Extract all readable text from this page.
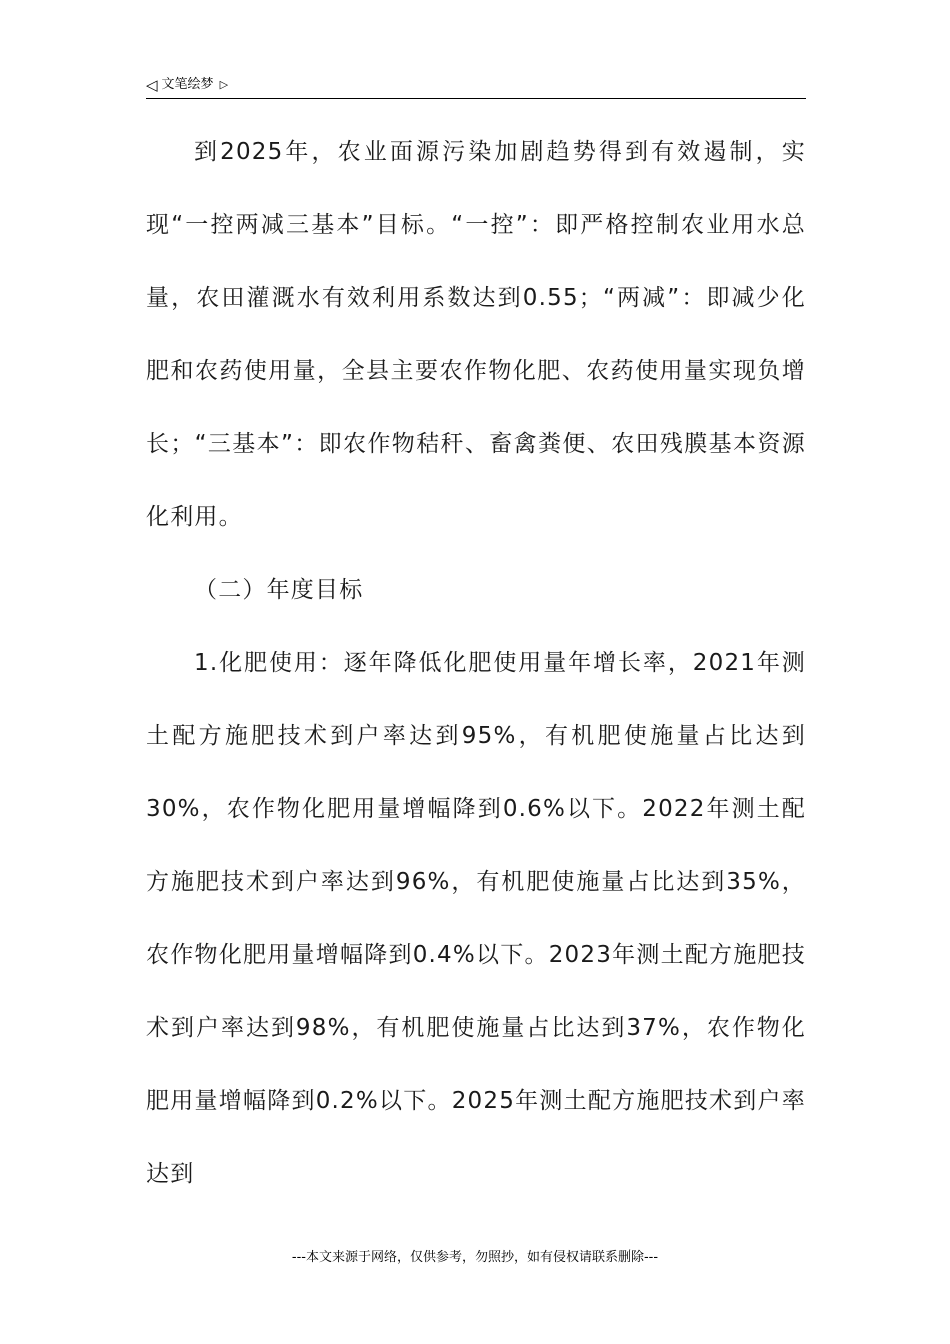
◁ 文笔绘梦 ▷

到2025年，农业面源污染加剧趋势得到有效遏制，实现“一控两减三基本”目标。“一控”：即严格控制农业用水总量，农田灌溉水有效利用系数达到0.55；“两减”：即减少化肥和农药使用量，全县主要农作物化肥、农药使用量实现负增长；“三基本”：即农作物秸秆、畜禽粪便、农田残膜基本资源化利用。

（二）年度目标

1.化肥使用：逐年降低化肥使用量年增长率，2021年测土配方施肥技术到户率达到95%，有机肥使施量占比达到30%，农作物化肥用量增幅降到0.6%以下。2022年测土配方施肥技术到户率达到96%，有机肥使施量占比达到35%，农作物化肥用量增幅降到0.4%以下。2023年测土配方施肥技术到户率达到98%，有机肥使施量占比达到37%，农作物化肥用量增幅降到0.2%以下。2025年测土配方施肥技术到户率达到

---本文来源于网络，仅供参考，勿照抄，如有侵权请联系删除---
